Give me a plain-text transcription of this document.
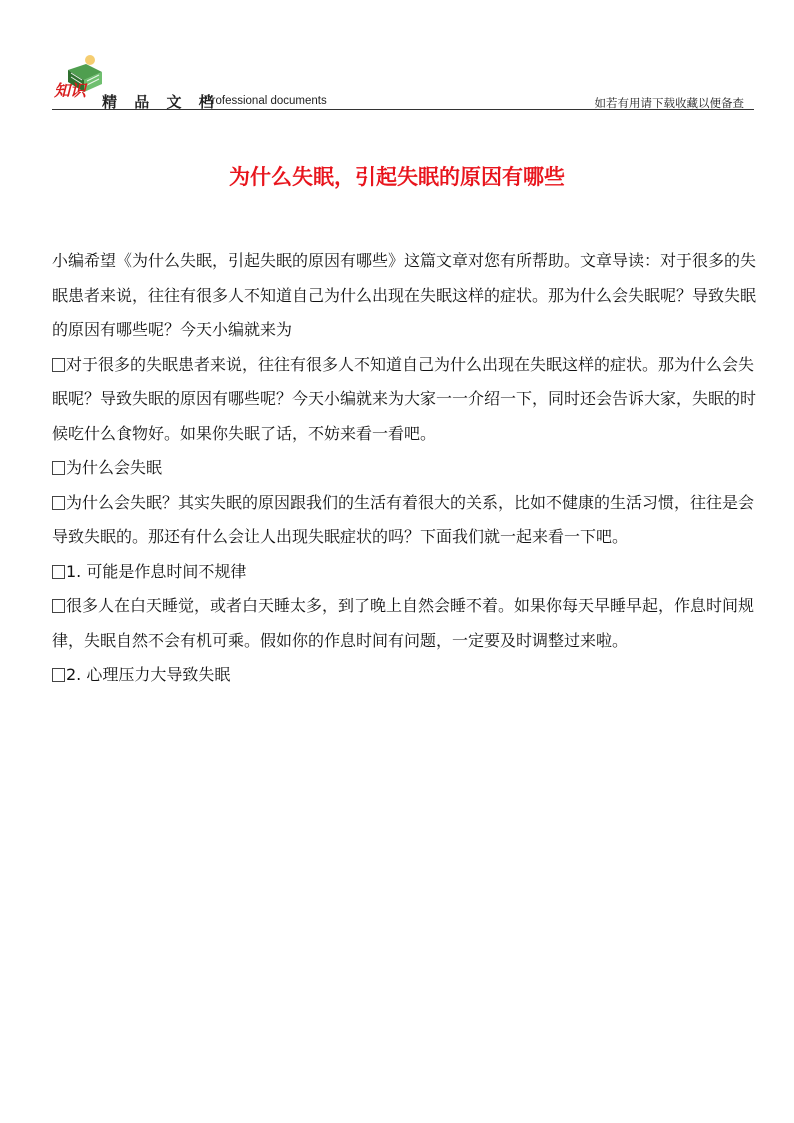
知识
精 品 文 档
Professional documents	如若有用请下载收藏以便备查
为什么失眠，引起失眠的原因有哪些

小编希望《为什么失眠，引起失眠的原因有哪些》这篇文章对您有所帮助。文章导读：对于很多的失眠患者来说，往往有很多人不知道自己为什么出现在失眠这样的症状。那为什么会失眠呢？导致失眠的原因有哪些呢？今天小编就来为

对于很多的失眠患者来说，往往有很多人不知道自己为什么出现在失眠这样的症状。那为什么会失眠呢？导致失眠的原因有哪些呢？今天小编就来为大家一一介绍一下，同时还会告诉大家，失眠的时候吃什么食物好。如果你失眠了话，不妨来看一看吧。

为什么会失眠

为什么会失眠？其实失眠的原因跟我们的生活有着很大的关系，比如不健康的生活习惯，往往是会导致失眠的。那还有什么会让人出现失眠症状的吗？下面我们就一起来看一下吧。

1. 可能是作息时间不规律

很多人在白天睡觉，或者白天睡太多，到了晚上自然会睡不着。如果你每天早睡早起，作息时间规律，失眠自然不会有机可乘。假如你的作息时间有问题，一定要及时调整过来啦。

2. 心理压力大导致失眠
